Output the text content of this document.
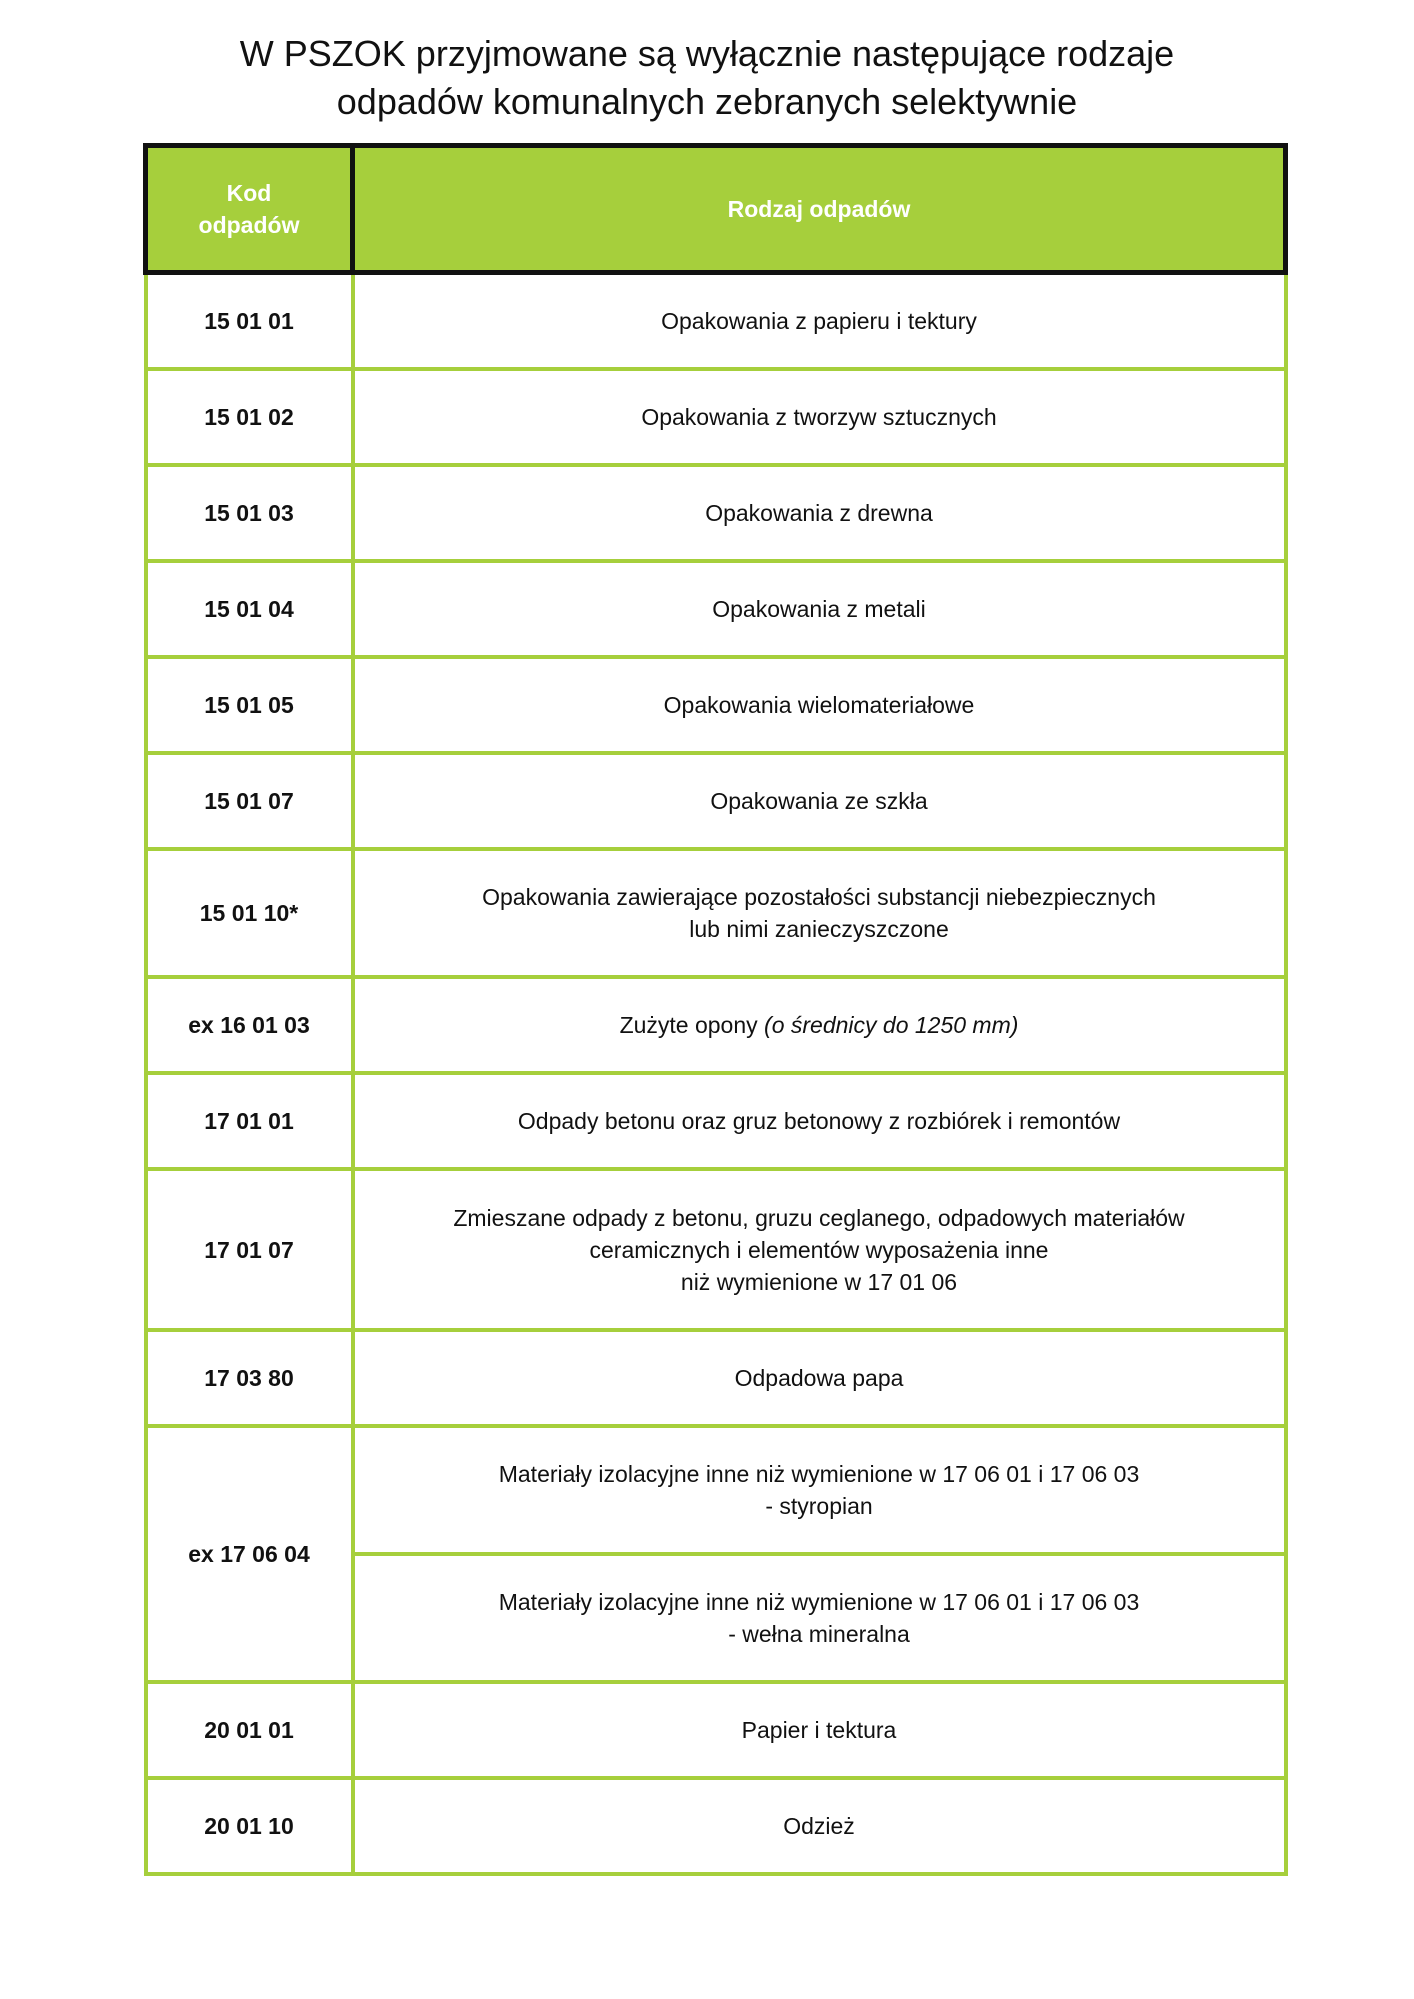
W PSZOK przyjmowane są wyłącznie następujące rodzaje
odpadów komunalnych zebranych selektywnie
Kod
odpadów	Rodzaj odpadów
15 01 01	Opakowania z papieru i tektury
15 01 02	Opakowania z tworzyw sztucznych
15 01 03	Opakowania z drewna
15 01 04	Opakowania z metali
15 01 05	Opakowania wielomateriałowe
15 01 07	Opakowania ze szkła
15 01 10*	Opakowania zawierające pozostałości substancji niebezpiecznych
lub nimi zanieczyszczone

ex 16 01 03	Zużyte opony (o średnicy do 1250 mm)
17 01 01	Odpady betonu oraz gruz betonowy z rozbiórek i remontów
17 01 07	Zmieszane odpady z betonu, gruzu ceglanego, odpadowych materiałów
ceramicznych i elementów wyposażenia inne
niż wymienione w 17 01 06

17 03 80	Odpadowa papa
ex 17 06 04	Materiały izolacyjne inne niż wymienione w 17 06 01 i 17 06 03
- styropian

	Materiały izolacyjne inne niż wymienione w 17 06 01 i 17 06 03
- wełna mineralna

20 01 01	Papier i tektura
20 01 10	Odzież
